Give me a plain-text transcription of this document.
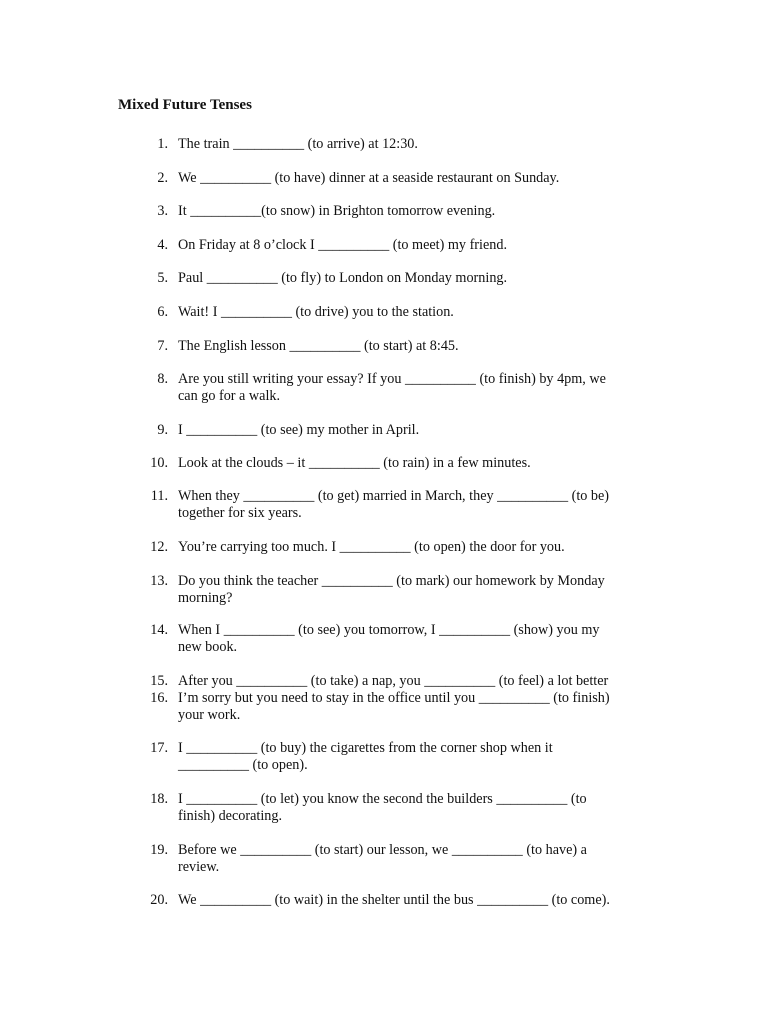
Mixed Future Tenses
1. The train __________ (to arrive) at 12:30.
2. We __________ (to have) dinner at a seaside restaurant on Sunday.
3. It __________(to snow) in Brighton tomorrow evening.
4. On Friday at 8 o’clock I __________ (to meet) my friend.
5. Paul __________ (to fly) to London on Monday morning.
6. Wait! I __________ (to drive) you to the station.
7. The English lesson __________ (to start) at 8:45.
8. Are you still writing your essay? If you __________ (to finish) by 4pm, we
can go for a walk.
9. I __________ (to see) my mother in April.
10. Look at the clouds – it __________ (to rain) in a few minutes.
11. When they __________ (to get) married in March, they __________ (to be)
together for six years.
12. You’re carrying too much. I __________ (to open) the door for you.
13. Do you think the teacher __________ (to mark) our homework by Monday
morning?
14. When I __________ (to see) you tomorrow, I __________ (show) you my
new book.
15. After you __________ (to take) a nap, you __________ (to feel) a lot better
16. I’m sorry but you need to stay in the office until you __________ (to finish)
your work.
17. I __________ (to buy) the cigarettes from the corner shop when it
__________ (to open).
18. I __________ (to let) you know the second the builders __________ (to
finish) decorating.
19. Before we __________ (to start) our lesson, we __________ (to have) a
review.
20. We __________ (to wait) in the shelter until the bus __________ (to come).
